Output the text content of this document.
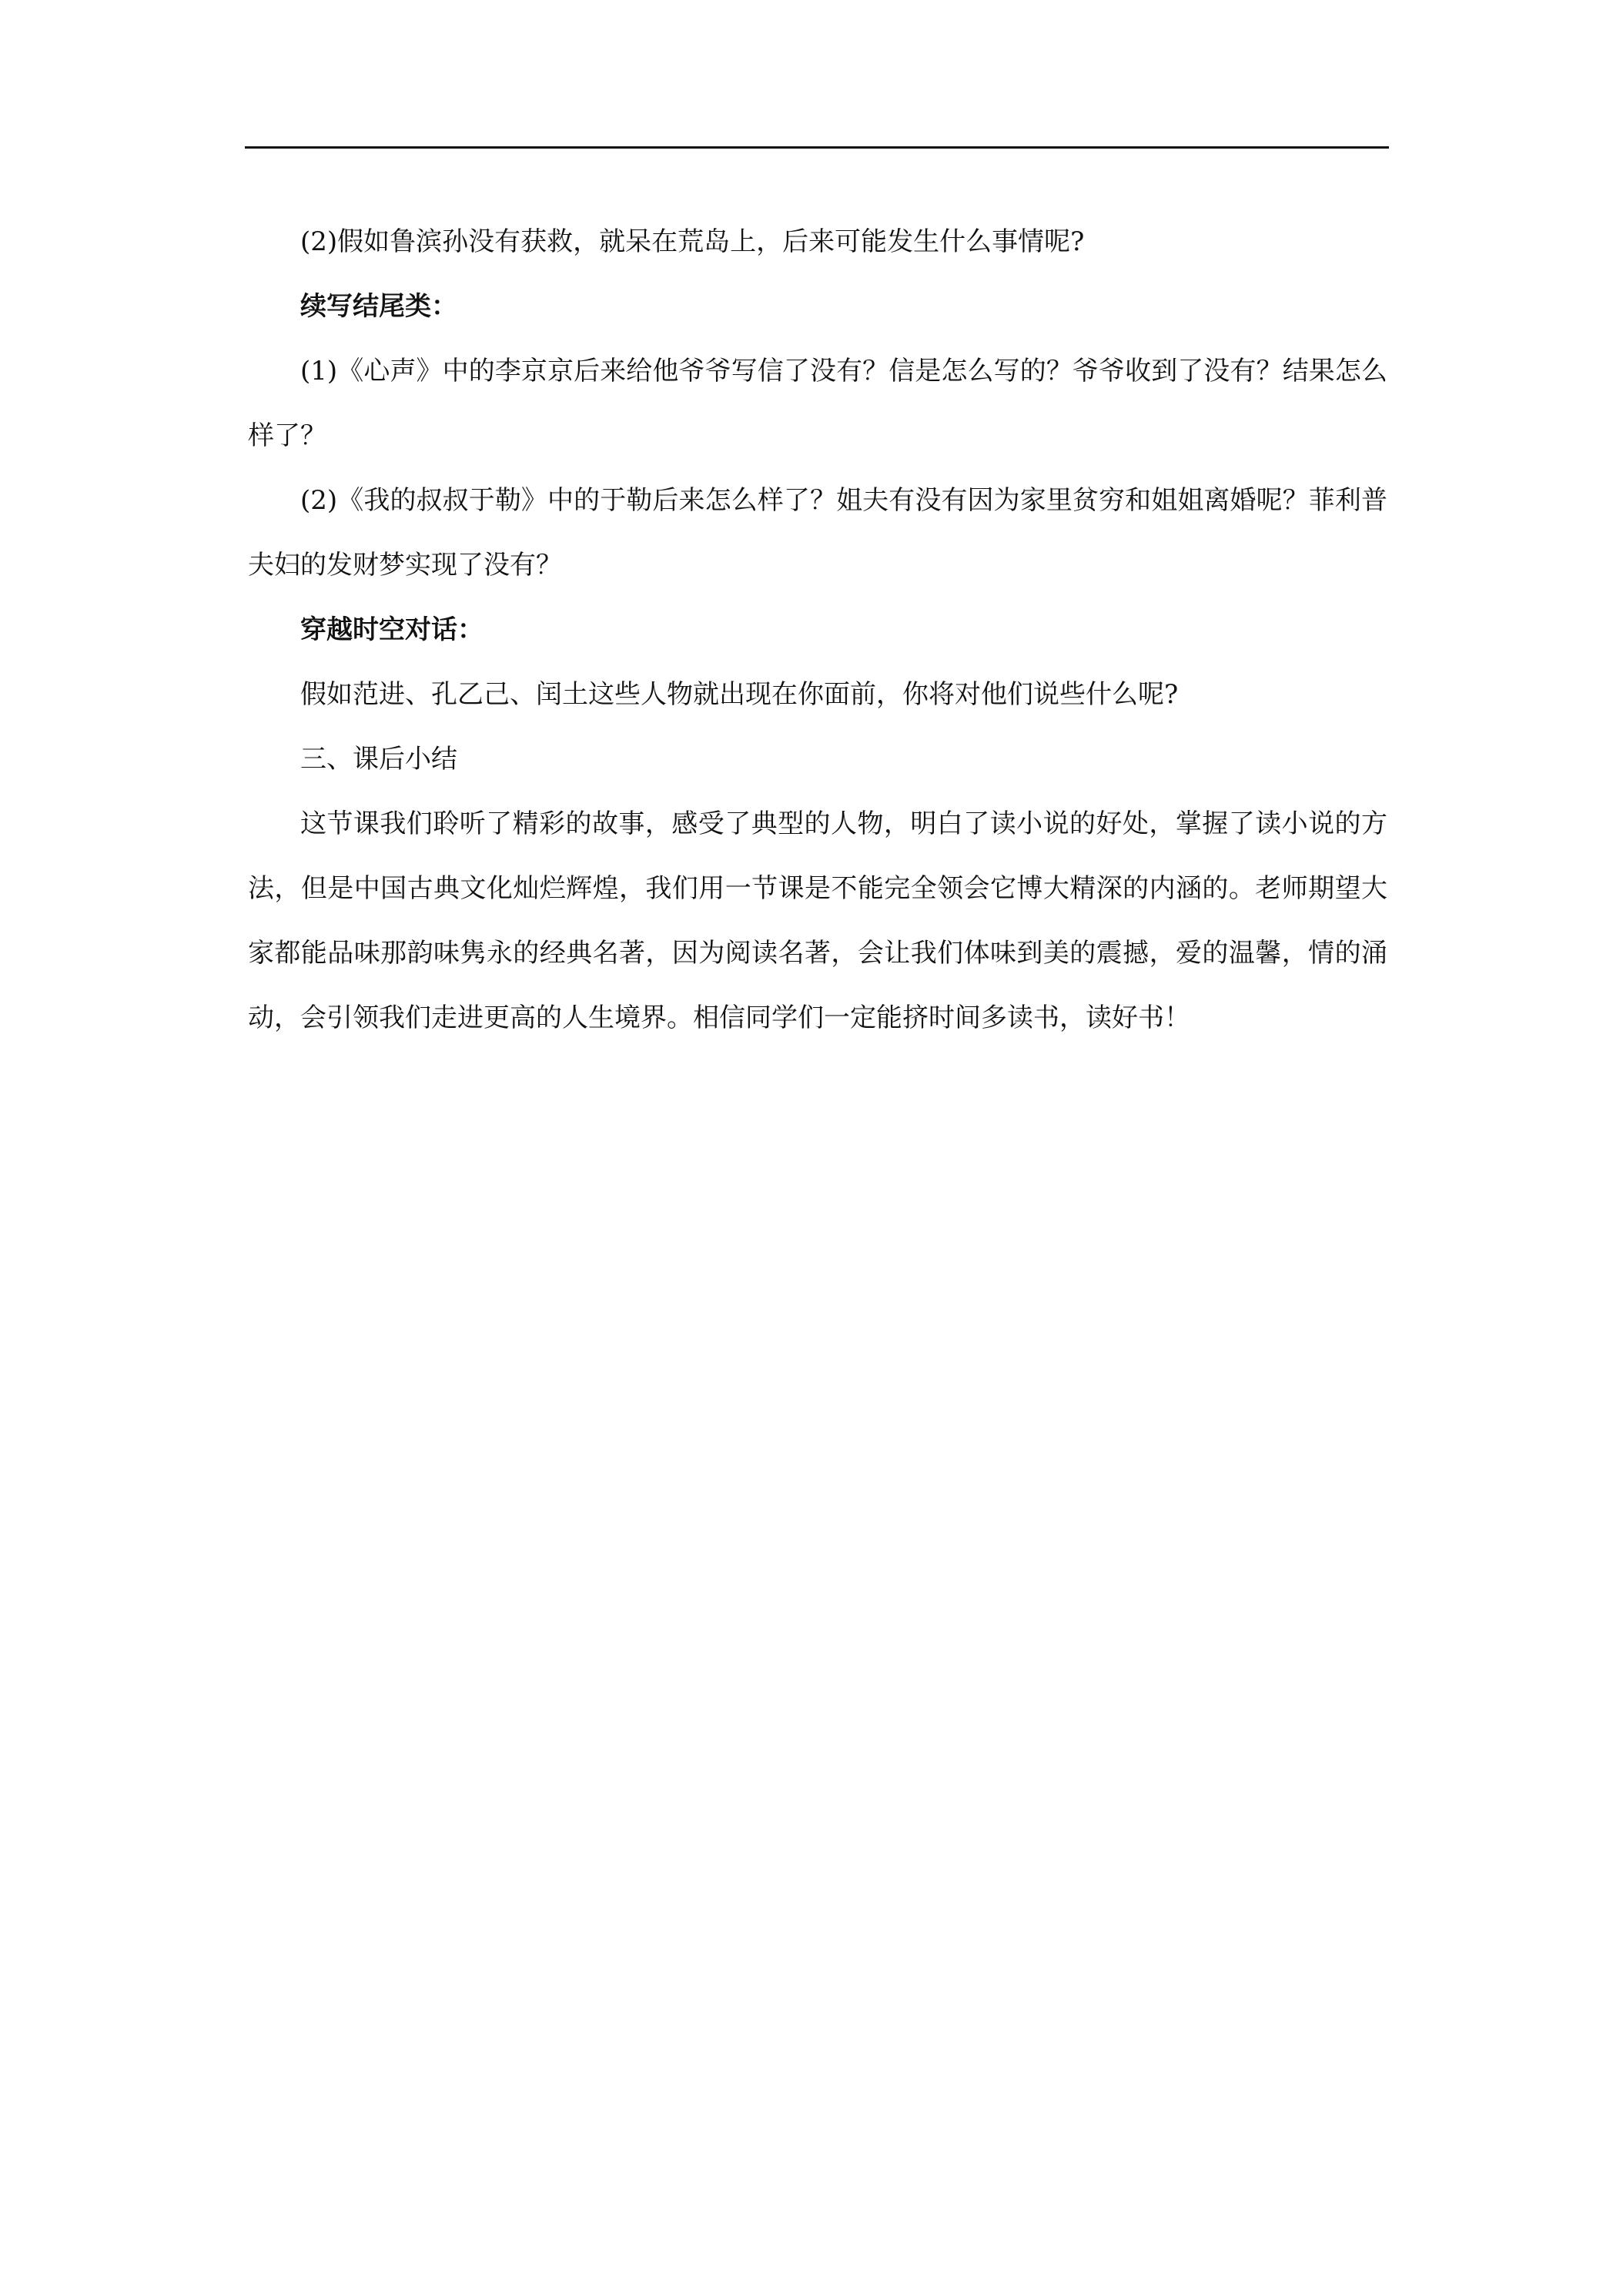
(2)假如鲁滨孙没有获救，就呆在荒岛上，后来可能发生什么事情呢?

续写结尾类：

(1)《心声》中的李京京后来给他爷爷写信了没有？信是怎么写的？爷爷收到了没有？结果怎么样了？

(2)《我的叔叔于勒》中的于勒后来怎么样了？姐夫有没有因为家里贫穷和姐姐离婚呢？菲利普夫妇的发财梦实现了没有？

穿越时空对话：

假如范进、孔乙己、闰土这些人物就出现在你面前，你将对他们说些什么呢?

三、课后小结

这节课我们聆听了精彩的故事，感受了典型的人物，明白了读小说的好处，掌握了读小说的方法，但是中国古典文化灿烂辉煌，我们用一节课是不能完全领会它博大精深的内涵的。老师期望大家都能品味那韵味隽永的经典名著，因为阅读名著，会让我们体味到美的震撼，爱的温馨，情的涌动，会引领我们走进更高的人生境界。相信同学们一定能挤时间多读书，读好书！
